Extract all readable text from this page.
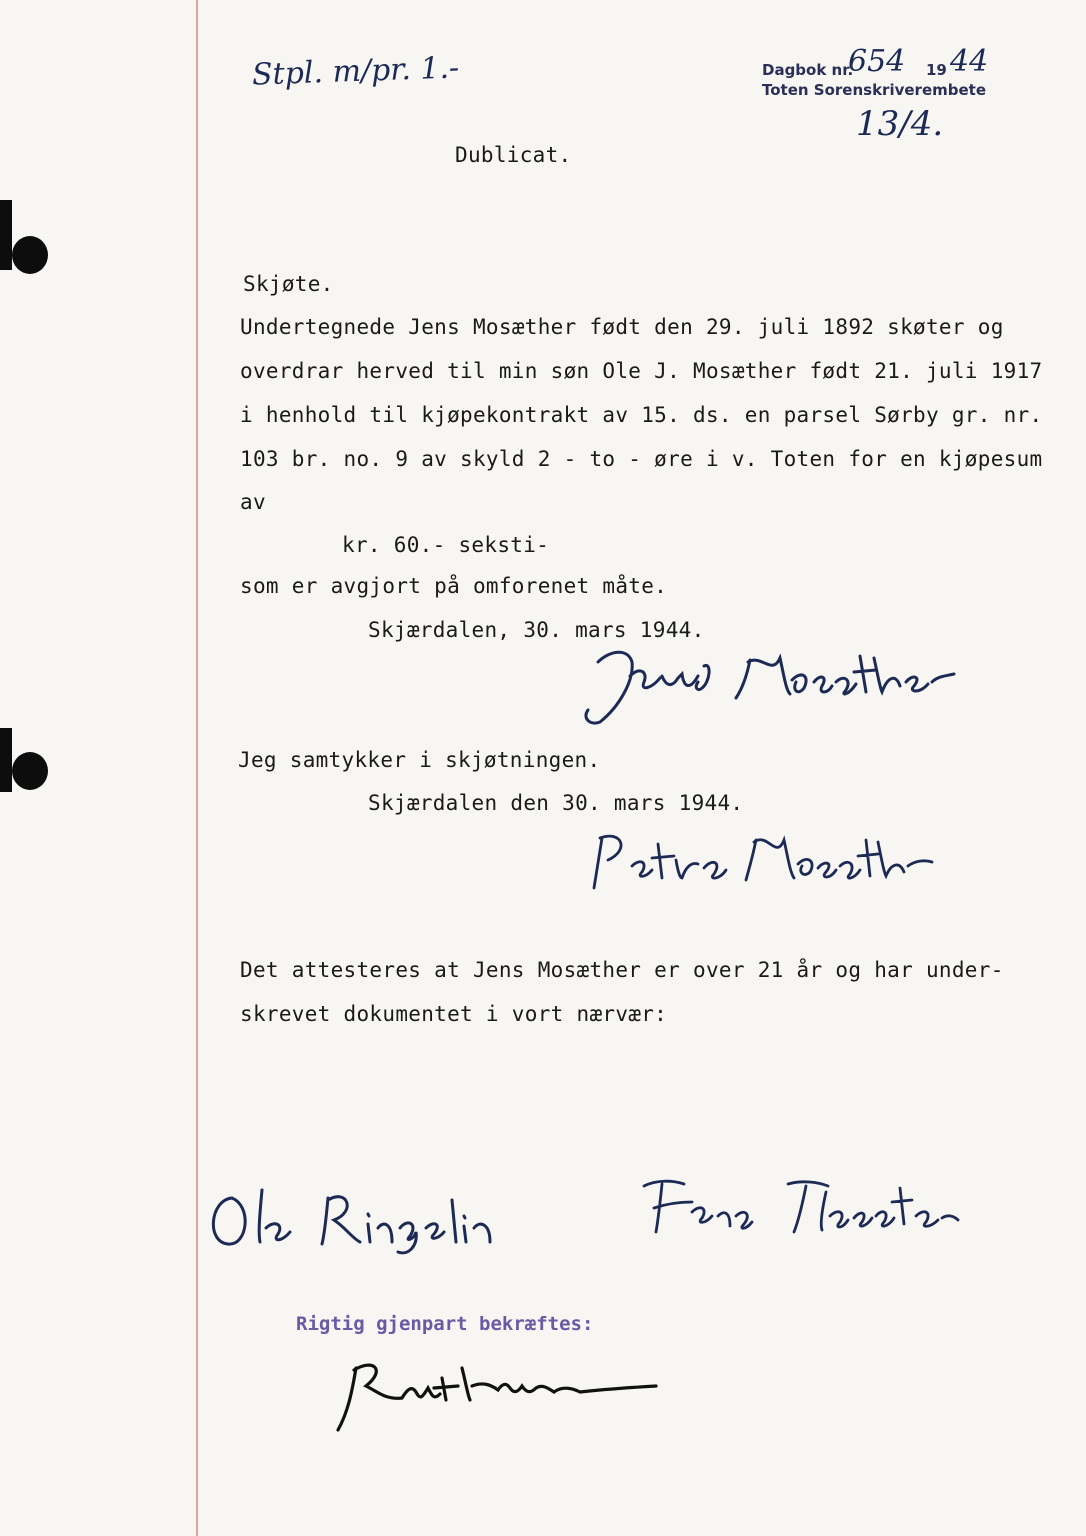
Stpl. m/pr. 1.-	Dagbok nr.
654 19 44
Toten Sorenskriverembete
13/4.
Dublicat.
Skjøte.
Undertegnede Jens Mosæther født den 29. juli 1892 skøter og
overdrar herved til min søn Ole J. Mosæther født 21. juli 1917
i henhold til kjøpekontrakt av 15. ds. en parsel Sørby gr. nr.
103 br. no. 9 av skyld 2 - to - øre i v. Toten for en kjøpesum
av
kr. 60.- seksti-
som er avgjort på omforenet måte.
Skjærdalen, 30. mars 1944.
Jeg samtykker i skjøtningen.
Skjærdalen den 30. mars 1944.
Det attesteres at Jens Mosæther er over 21 år og har under-
skrevet dokumentet i vort nærvær:
Rigtig gjenpart bekræftes:
